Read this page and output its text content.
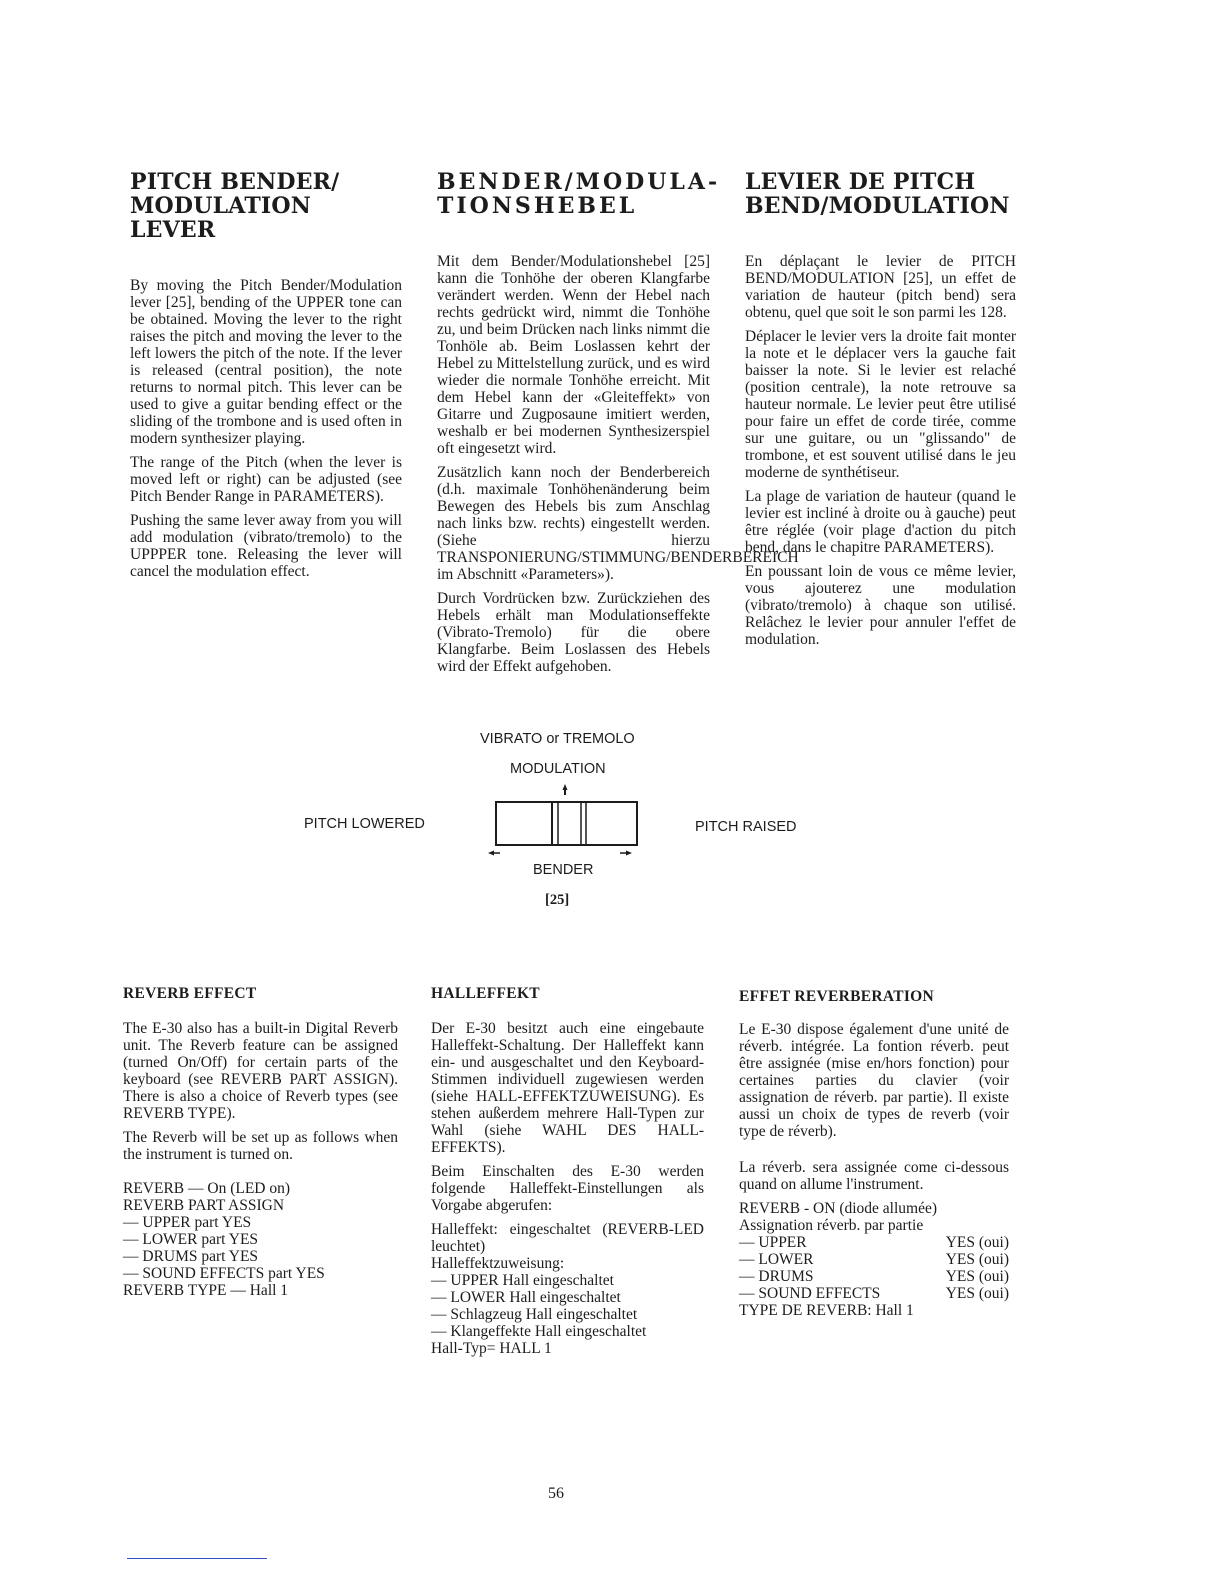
PITCH BENDER/
MODULATION LEVER

By moving the Pitch Bender/Modulation lever [25], bending of the UPPER tone can be obtained. Moving the lever to the right raises the pitch and moving the lever to the left lowers the pitch of the note. If the lever is released (central position), the note returns to normal pitch. This lever can be used to give a guitar bending effect or the sliding of the trombone and is used often in modern synthesizer playing.

The range of the Pitch (when the lever is moved left or right) can be adjusted (see Pitch Bender Range in PARAMETERS).

Pushing the same lever away from you will add modulation (vibrato/tremolo) to the UPPPER tone. Releasing the lever will cancel the modulation effect.

BENDER/MODULA-
TIONSHEBEL

Mit dem Bender/Modulationshebel [25] kann die Tonhöhe der oberen Klangfarbe verändert werden. Wenn der Hebel nach rechts gedrückt wird, nimmt die Tonhöhe zu, und beim Drücken nach links nimmt die Tonhöle ab. Beim Loslassen kehrt der Hebel zu Mittelstellung zurück, und es wird wieder die normale Tonhöhe erreicht. Mit dem Hebel kann der «Gleiteffekt» von Gitarre und Zugposaune imitiert werden, weshalb er bei modernen Synthesizerspiel oft eingesetzt wird.

Zusätzlich kann noch der Benderbereich (d.h. maximale Tonhöhenänderung beim Bewegen des Hebels bis zum Anschlag nach links bzw. rechts) eingestellt werden. (Siehe hierzu TRANSPONIERUNG/STIMMUNG/BENDERBEREICH im Abschnitt «Parameters»).

Durch Vordrücken bzw. Zurückziehen des Hebels erhält man Modulationseffekte (Vibrato-Tremolo) für die obere Klangfarbe. Beim Loslassen des Hebels wird der Effekt aufgehoben.

LEVIER DE PITCH
BEND/MODULATION

En déplaçant le levier de PITCH BEND/MODULATION [25], un effet de variation de hauteur (pitch bend) sera obtenu, quel que soit le son parmi les 128.

Déplacer le levier vers la droite fait monter la note et le déplacer vers la gauche fait baisser la note. Si le levier est relaché (position centrale), la note retrouve sa hauteur normale. Le levier peut être utilisé pour faire un effet de corde tirée, comme sur une guitare, ou un "glissando" de trombone, et est souvent utilisé dans le jeu moderne de synthétiseur.

La plage de variation de hauteur (quand le levier est incliné à droite ou à gauche) peut être réglée (voir plage d'action du pitch bend, dans le chapitre PARAMETERS).

En poussant loin de vous ce même levier, vous ajouterez une modulation (vibrato/tremolo) à chaque son utilisé. Relâchez le levier pour annuler l'effet de modulation.

VIBRATO or TREMOLO
MODULATION
PITCH LOWERED	PITCH RAISED
BENDER
[25]
REVERB EFFECT

The E-30 also has a built-in Digital Reverb unit. The Reverb feature can be assigned (turned On/Off) for certain parts of the keyboard (see REVERB PART ASSIGN). There is also a choice of Reverb types (see REVERB TYPE).

The Reverb will be set up as follows when the instrument is turned on.

REVERB — On (LED on)
REVERB PART ASSIGN
— UPPER part YES
— LOWER part YES
— DRUMS part YES
— SOUND EFFECTS part YES
REVERB TYPE — Hall 1
HALLEFFEKT

Der E-30 besitzt auch eine eingebaute Halleffekt-Schaltung. Der Halleffekt kann ein- und ausgeschaltet und den Keyboard-Stimmen individuell zugewiesen werden (siehe HALL-EFFEKTZUWEISUNG). Es stehen außerdem mehrere Hall-Typen zur Wahl (siehe WAHL DES HALL-EFFEKTS).

Beim Einschalten des E-30 werden folgende Halleffekt-Einstellungen als Vorgabe abgerufen:

Halleffekt: eingeschaltet (REVERB-LED leuchtet)

Halleffektzuweisung:
— UPPER Hall eingeschaltet
— LOWER Hall eingeschaltet
— Schlagzeug Hall eingeschaltet
— Klangeffekte Hall eingeschaltet
Hall-Typ= HALL 1
EFFET REVERBERATION

Le E-30 dispose également d'une unité de réverb. intégrée. La fontion réverb. peut être assignée (mise en/hors fonction) pour certaines parties du clavier (voir assignation de réverb. par partie). Il existe aussi un choix de types de reverb (voir type de réverb).

La réverb. sera assignée come ci-dessous quand on allume l'instrument.

REVERB - ON (diode allumée)
Assignation réverb. par partie
— UPPER	YES (oui)
— LOWER	YES (oui)
— DRUMS	YES (oui)
— SOUND EFFECTS	YES (oui)
TYPE DE REVERB: Hall 1
56
